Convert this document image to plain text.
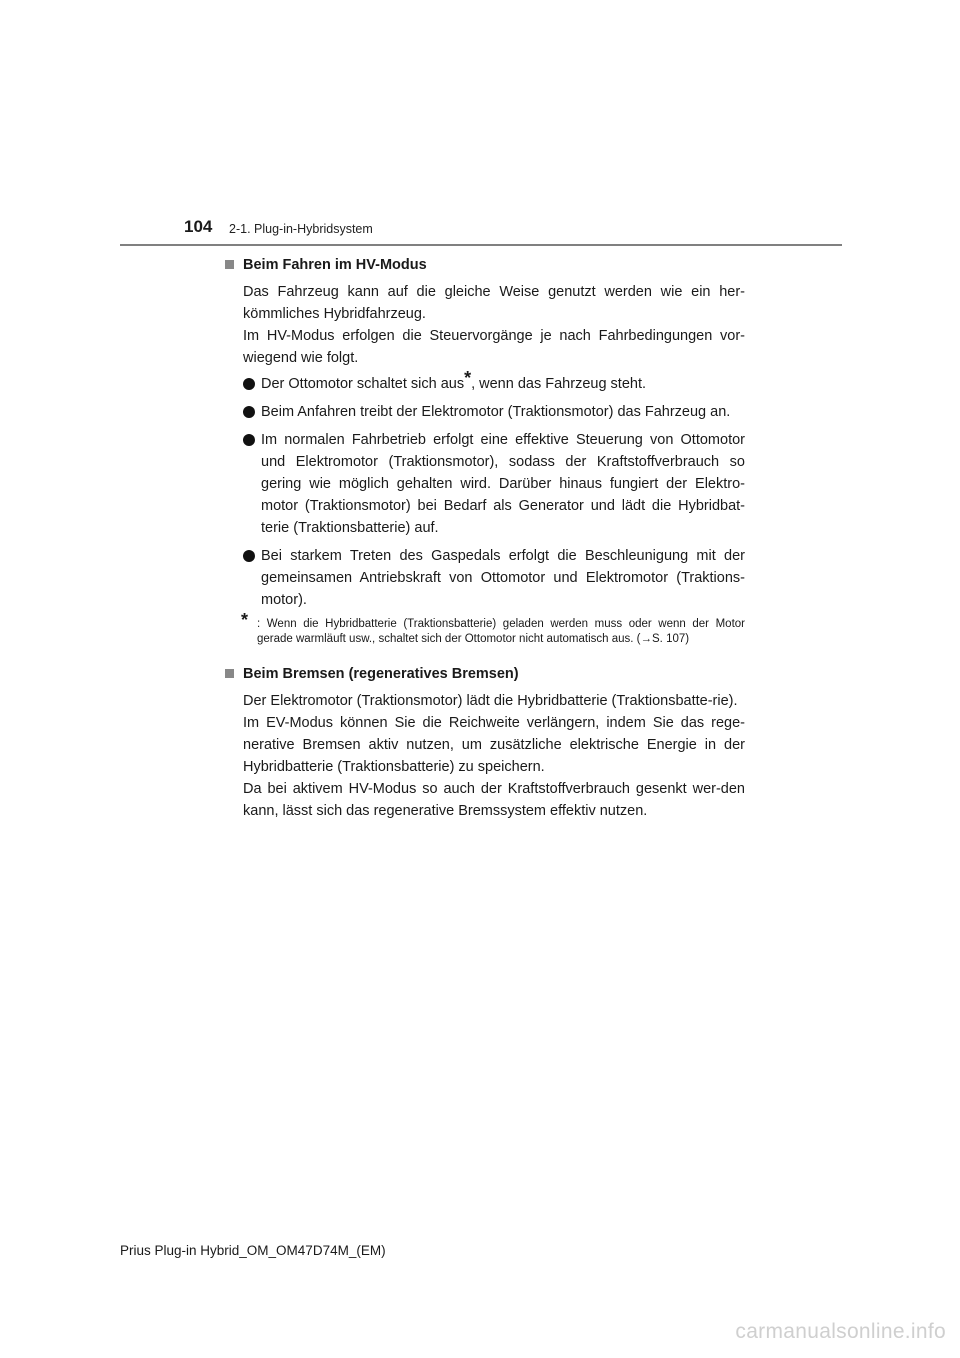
104 2-1. Plug-in-Hybridsystem
Beim Fahren im HV-Modus

Das Fahrzeug kann auf die gleiche Weise genutzt werden wie ein her-kömmliches Hybridfahrzeug.

Im HV-Modus erfolgen die Steuervorgänge je nach Fahrbedingungen vor-wiegend wie folgt.

Der Ottomotor schaltet sich aus*, wenn das Fahrzeug steht.
Beim Anfahren treibt der Elektromotor (Traktionsmotor) das Fahrzeug an.
Im normalen Fahrbetrieb erfolgt eine effektive Steuerung von Ottomotor und Elektromotor (Traktionsmotor), sodass der Kraftstoffverbrauch so gering wie möglich gehalten wird. Darüber hinaus fungiert der Elektro-motor (Traktionsmotor) bei Bedarf als Generator und lädt die Hybridbat-terie (Traktionsbatterie) auf.
Bei starkem Treten des Gaspedals erfolgt die Beschleunigung mit der gemeinsamen Antriebskraft von Ottomotor und Elektromotor (Traktions-motor).
* : Wenn die Hybridbatterie (Traktionsbatterie) geladen werden muss oder wenn der Motor gerade warmläuft usw., schaltet sich der Ottomotor nicht automatisch aus. (→S. 107)
Beim Bremsen (regeneratives Bremsen)

Der Elektromotor (Traktionsmotor) lädt die Hybridbatterie (Traktionsbatte-rie).

Im EV-Modus können Sie die Reichweite verlängern, indem Sie das rege-nerative Bremsen aktiv nutzen, um zusätzliche elektrische Energie in der Hybridbatterie (Traktionsbatterie) zu speichern.

Da bei aktivem HV-Modus so auch der Kraftstoffverbrauch gesenkt wer-den kann, lässt sich das regenerative Bremssystem effektiv nutzen.

Prius Plug-in Hybrid_OM_OM47D74M_(EM)
carmanualsonline.info
